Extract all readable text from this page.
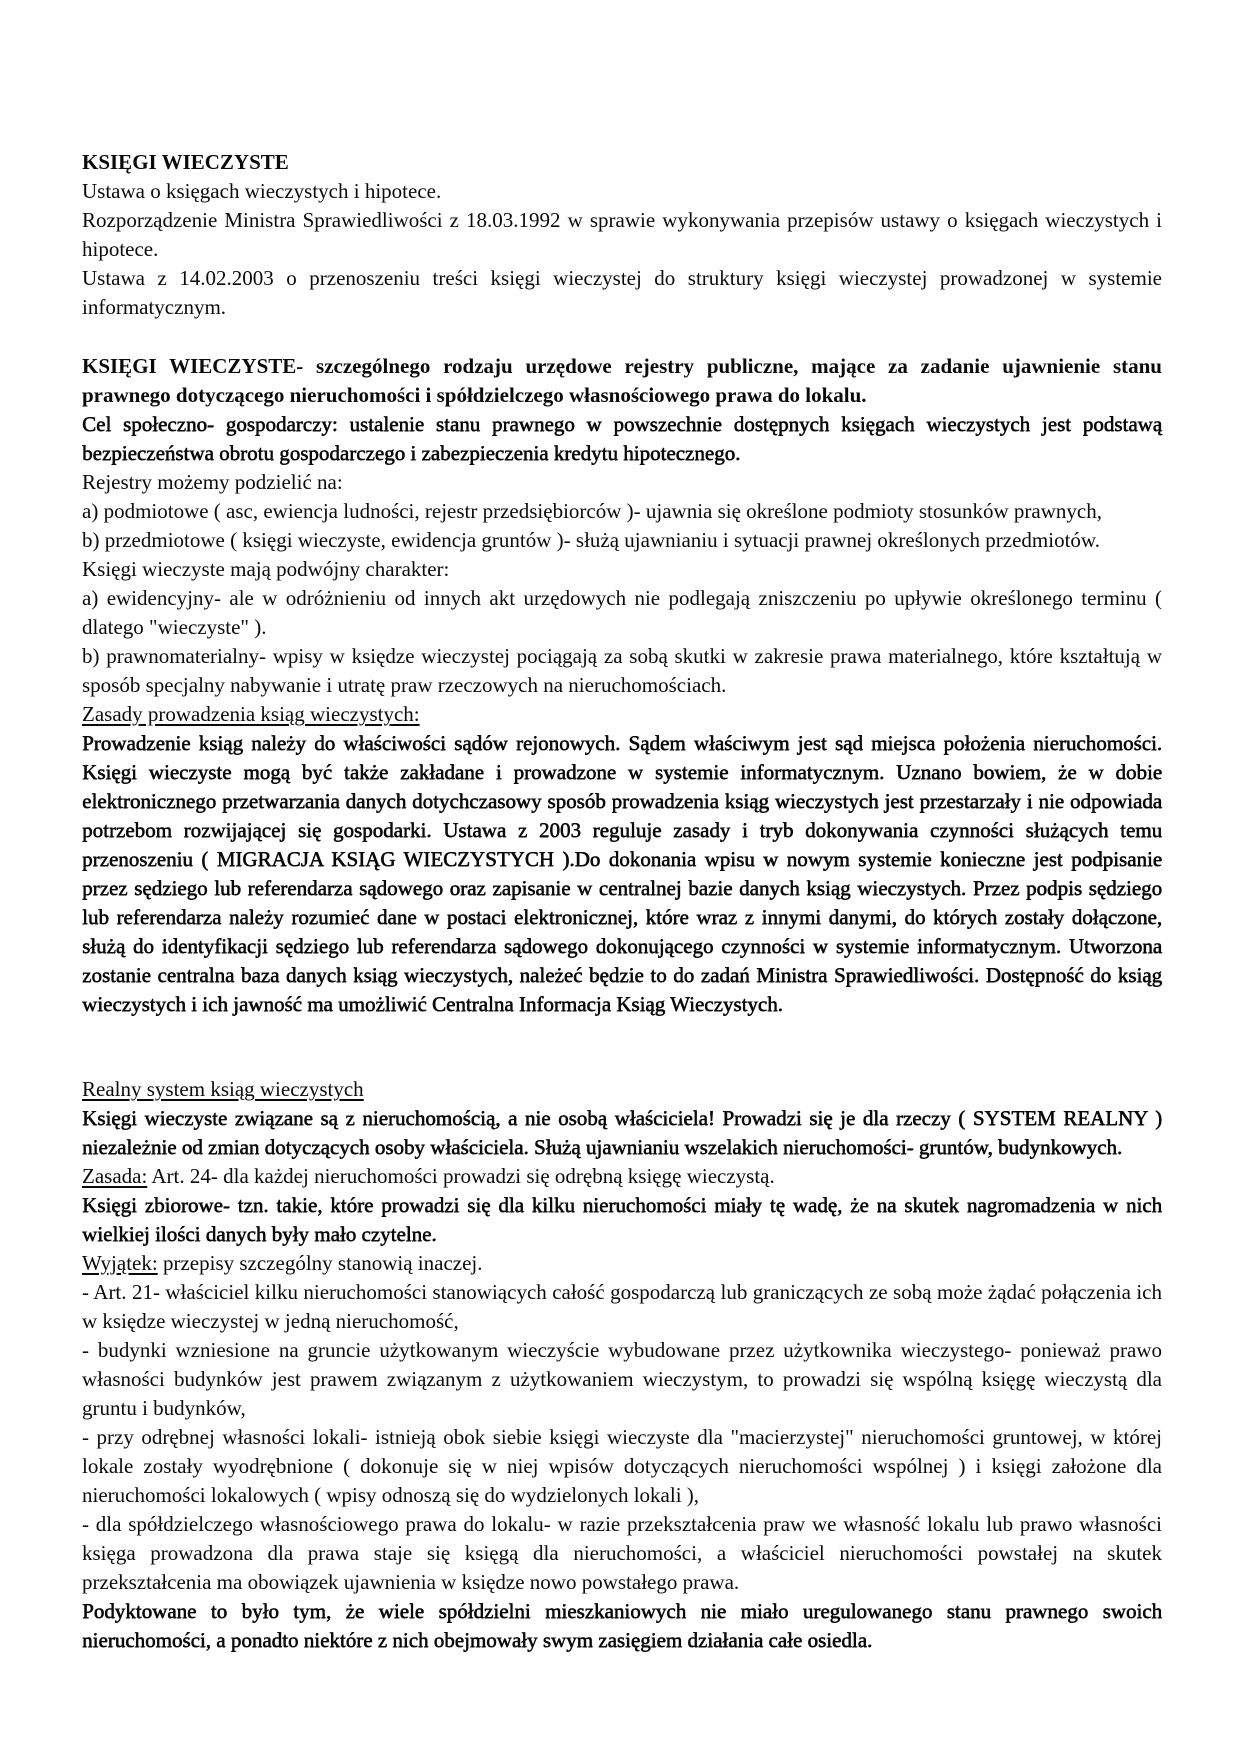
KSIĘGI WIECZYSTE

Ustawa o księgach wieczystych i hipotece.

Rozporządzenie Ministra Sprawiedliwości z 18.03.1992 w sprawie wykonywania przepisów ustawy o księgach wieczystych i hipotece.

Ustawa z 14.02.2003 o przenoszeniu treści księgi wieczystej do struktury księgi wieczystej prowadzonej w systemie informatycznym.

KSIĘGI WIECZYSTE- szczególnego rodzaju urzędowe rejestry publiczne, mające za zadanie ujawnienie stanu prawnego dotyczącego nieruchomości i spółdzielczego własnościowego prawa do lokalu.

Cel społeczno- gospodarczy: ustalenie stanu prawnego w powszechnie dostępnych księgach wieczystych jest podstawą bezpieczeństwa obrotu gospodarczego i zabezpieczenia kredytu hipotecznego.

Rejestry możemy podzielić na:

a) podmiotowe ( asc, ewiencja ludności, rejestr przedsiębiorców )- ujawnia się określone podmioty stosunków prawnych,

b) przedmiotowe ( księgi wieczyste, ewidencja gruntów )- służą ujawnianiu i sytuacji prawnej określonych przedmiotów.

Księgi wieczyste mają podwójny charakter:

a) ewidencyjny- ale w odróżnieniu od innych akt urzędowych nie podlegają zniszczeniu po upływie określonego terminu ( dlatego "wieczyste" ).

b) prawnomaterialny- wpisy w księdze wieczystej pociągają za sobą skutki w zakresie prawa materialnego, które kształtują w sposób specjalny nabywanie i utratę praw rzeczowych na nieruchomościach.

Zasady prowadzenia ksiąg wieczystych:

Prowadzenie ksiąg należy do właściwości sądów rejonowych. Sądem właściwym jest sąd miejsca położenia nieruchomości. Księgi wieczyste mogą być także zakładane i prowadzone w systemie informatycznym. Uznano bowiem, że w dobie elektronicznego przetwarzania danych dotychczasowy sposób prowadzenia ksiąg wieczystych jest przestarzały i nie odpowiada potrzebom rozwijającej się gospodarki. Ustawa z 2003 reguluje zasady i tryb dokonywania czynności służących temu przenoszeniu ( MIGRACJA KSIĄG WIECZYSTYCH ).Do dokonania wpisu w nowym systemie konieczne jest podpisanie przez sędziego lub referendarza sądowego oraz zapisanie w centralnej bazie danych ksiąg wieczystych. Przez podpis sędziego lub referendarza należy rozumieć dane w postaci elektronicznej, które wraz z innymi danymi, do których zostały dołączone, służą do identyfikacji sędziego lub referendarza sądowego dokonującego czynności w systemie informatycznym. Utworzona zostanie centralna baza danych ksiąg wieczystych, należeć będzie to do zadań Ministra Sprawiedliwości. Dostępność do ksiąg wieczystych i ich jawność ma umożliwić Centralna Informacja Ksiąg Wieczystych.

Realny system ksiąg wieczystych

Księgi wieczyste związane są z nieruchomością, a nie osobą właściciela! Prowadzi się je dla rzeczy ( SYSTEM REALNY ) niezależnie od zmian dotyczących osoby właściciela. Służą ujawnianiu wszelakich nieruchomości- gruntów, budynkowych.

Zasada: Art. 24- dla każdej nieruchomości prowadzi się odrębną księgę wieczystą.

Księgi zbiorowe- tzn. takie, które prowadzi się dla kilku nieruchomości miały tę wadę, że na skutek nagromadzenia w nich wielkiej ilości danych były mało czytelne.

Wyjątek: przepisy szczególny stanowią inaczej.

- Art. 21- właściciel kilku nieruchomości stanowiących całość gospodarczą lub graniczących ze sobą może żądać połączenia ich w księdze wieczystej w jedną nieruchomość,

- budynki wzniesione na gruncie użytkowanym wieczyście wybudowane przez użytkownika wieczystego- ponieważ prawo własności budynków jest prawem związanym z użytkowaniem wieczystym, to prowadzi się wspólną księgę wieczystą dla gruntu i budynków,

- przy odrębnej własności lokali- istnieją obok siebie księgi wieczyste dla "macierzystej" nieruchomości gruntowej, w której lokale zostały wyodrębnione ( dokonuje się w niej wpisów dotyczących nieruchomości wspólnej ) i księgi założone dla nieruchomości lokalowych ( wpisy odnoszą się do wydzielonych lokali ),

- dla spółdzielczego własnościowego prawa do lokalu- w razie przekształcenia praw we własność lokalu lub prawo własności księga prowadzona dla prawa staje się księgą dla nieruchomości, a właściciel nieruchomości powstałej na skutek przekształcenia ma obowiązek ujawnienia w księdze nowo powstałego prawa.

Podyktowane to było tym, że wiele spółdzielni mieszkaniowych nie miało uregulowanego stanu prawnego swoich nieruchomości, a ponadto niektóre z nich obejmowały swym zasięgiem działania całe osiedla.
